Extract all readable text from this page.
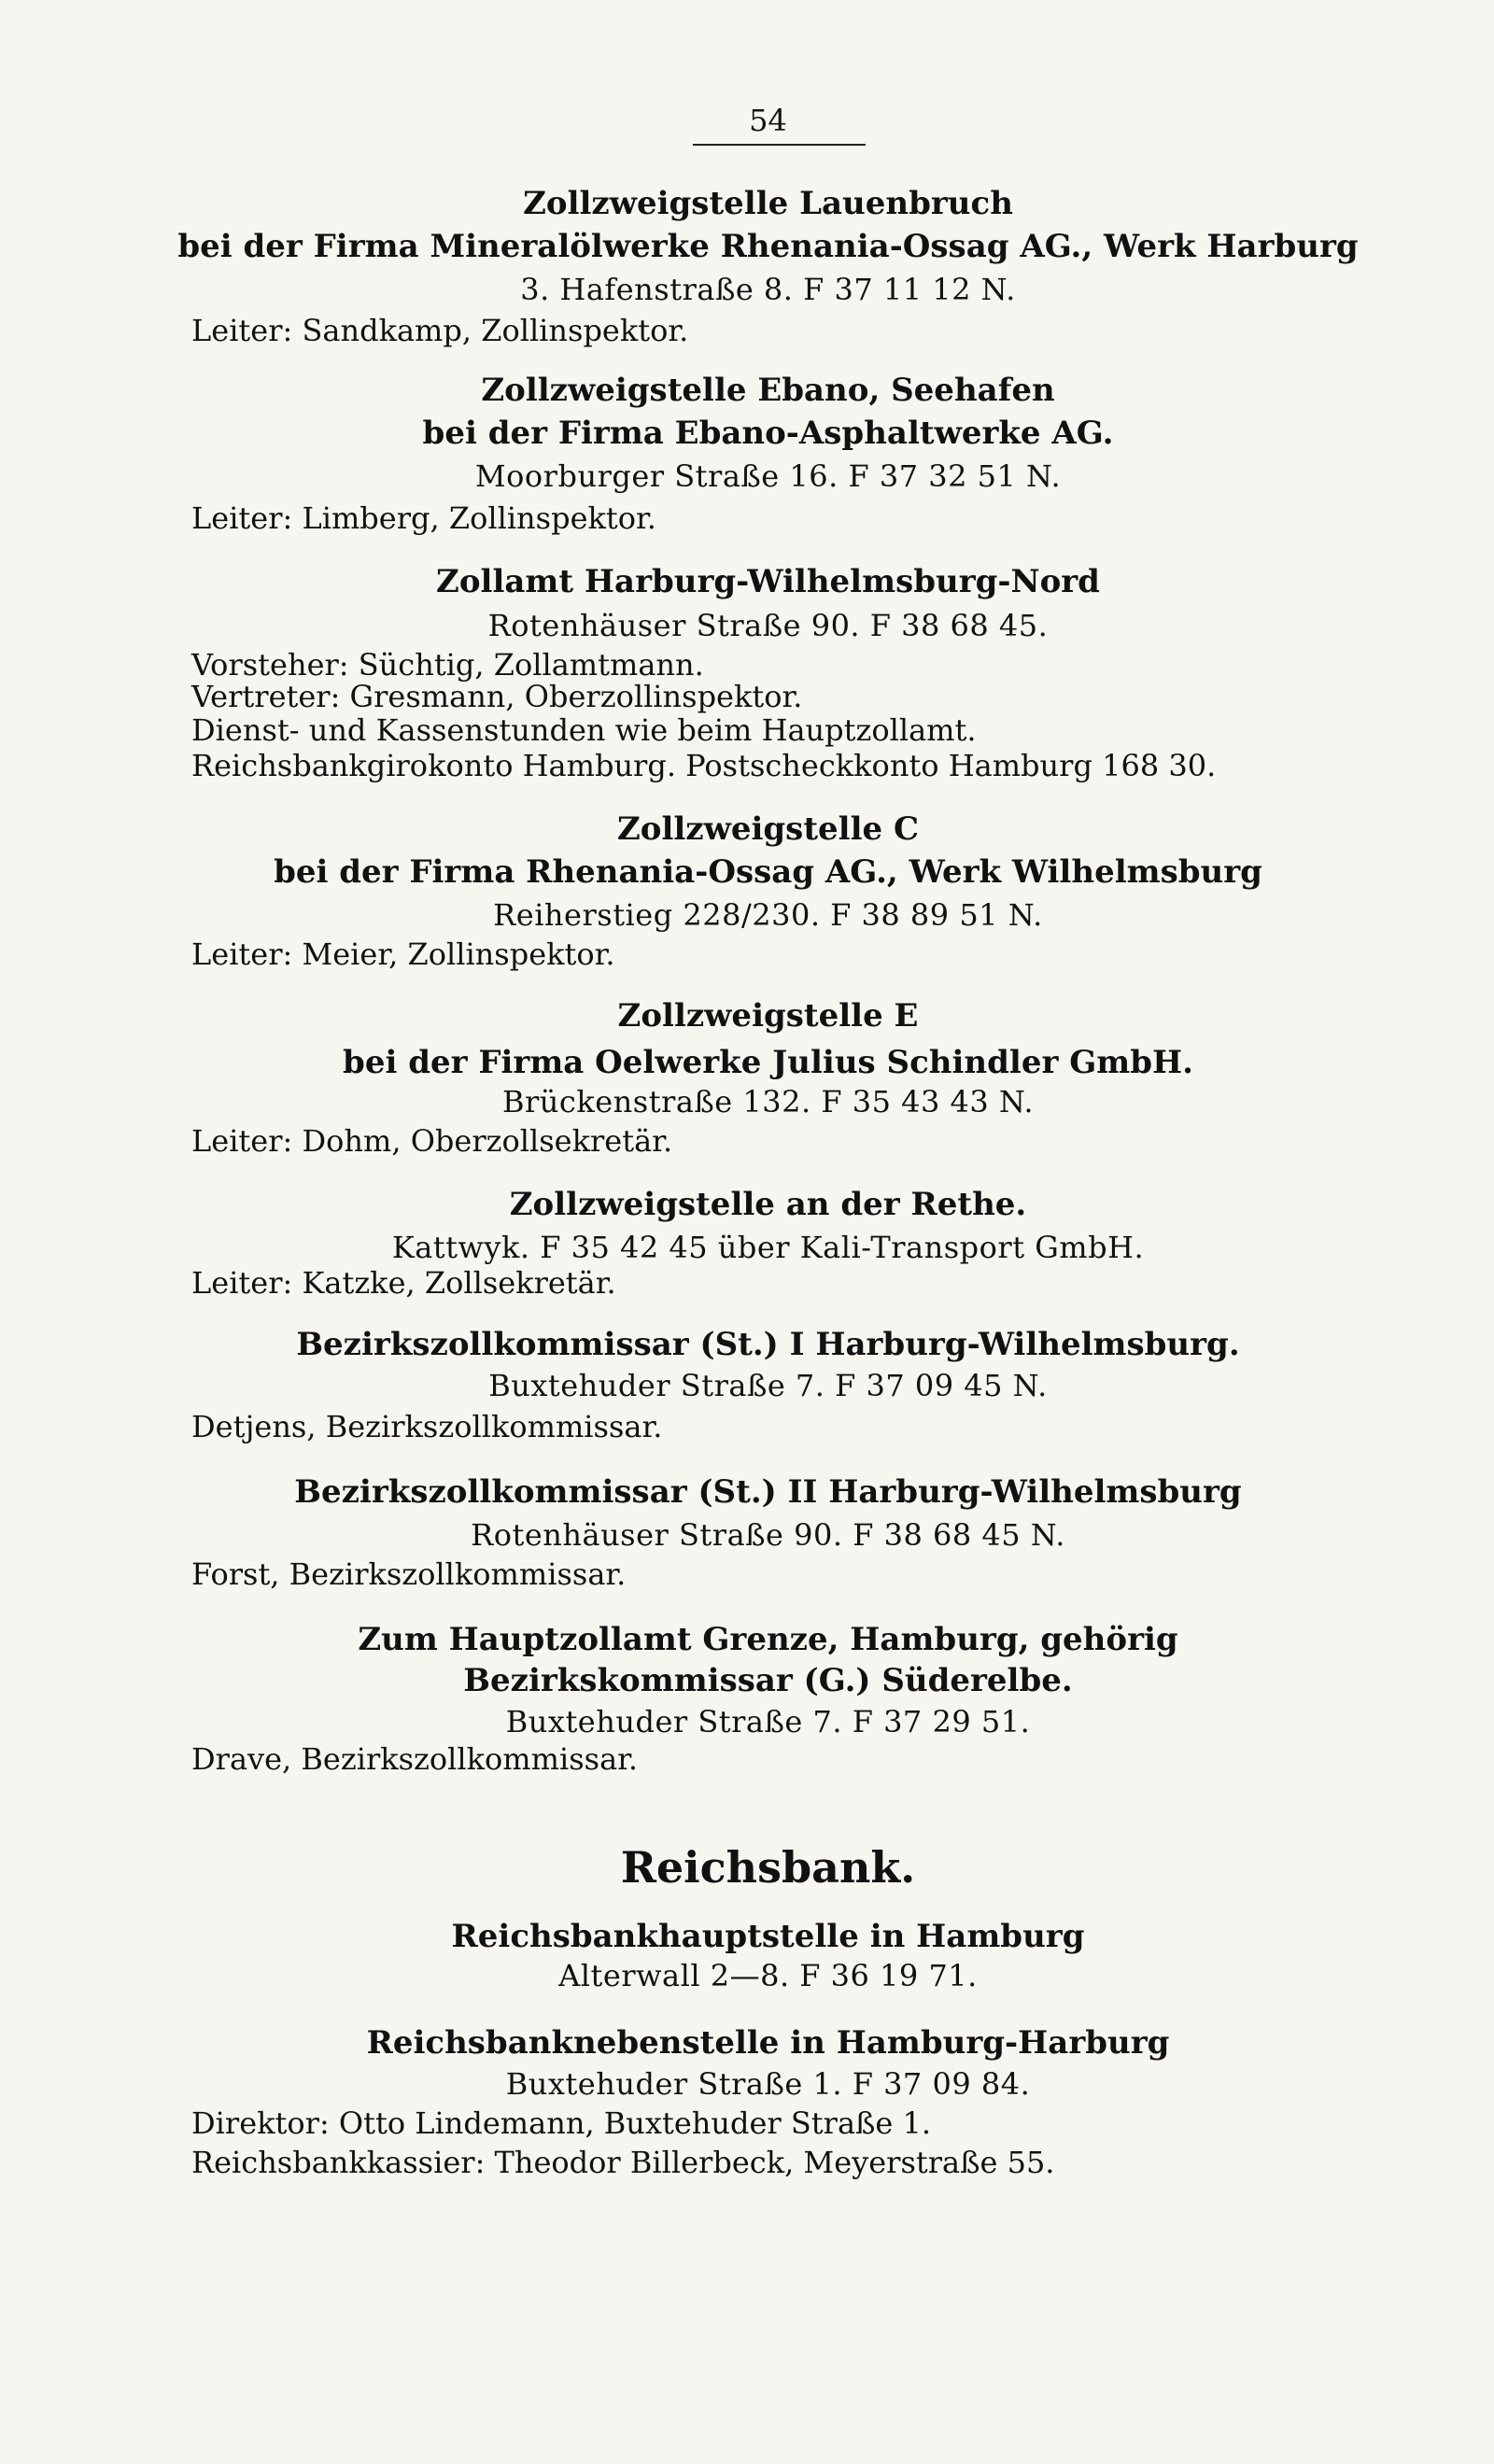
54
Zollzweigstelle Lauenbruch
bei der Firma Mineralölwerke Rhenania-Ossag AG., Werk Harburg
3. Hafenstraße 8. F 37 11 12 N.
Leiter: Sandkamp, Zollinspektor.
Zollzweigstelle Ebano, Seehafen
bei der Firma Ebano-Asphaltwerke AG.
Moorburger Straße 16. F 37 32 51 N.
Leiter: Limberg, Zollinspektor.
Zollamt Harburg-Wilhelmsburg-Nord
Rotenhäuser Straße 90. F 38 68 45.
Vorsteher: Süchtig, Zollamtmann.
Vertreter: Gresmann, Oberzollinspektor.
Dienst- und Kassenstunden wie beim Hauptzollamt.
Reichsbankgirokonto Hamburg. Postscheckkonto Hamburg 168 30.
Zollzweigstelle C
bei der Firma Rhenania-Ossag AG., Werk Wilhelmsburg
Reiherstieg 228/230. F 38 89 51 N.
Leiter: Meier, Zollinspektor.
Zollzweigstelle E
bei der Firma Oelwerke Julius Schindler GmbH.
Brückenstraße 132. F 35 43 43 N.
Leiter: Dohm, Oberzollsekretär.
Zollzweigstelle an der Rethe.
Kattwyk. F 35 42 45 über Kali-Transport GmbH.
Leiter: Katzke, Zollsekretär.
Bezirkszollkommissar (St.) I Harburg-Wilhelmsburg.
Buxtehuder Straße 7. F 37 09 45 N.
Detjens, Bezirkszollkommissar.
Bezirkszollkommissar (St.) II Harburg-Wilhelmsburg
Rotenhäuser Straße 90. F 38 68 45 N.
Forst, Bezirkszollkommissar.
Zum Hauptzollamt Grenze, Hamburg, gehörig
Bezirkskommissar (G.) Süderelbe.
Buxtehuder Straße 7. F 37 29 51.
Drave, Bezirkszollkommissar.
Reichsbank.
Reichsbankhauptstelle in Hamburg
Alterwall 2—8. F 36 19 71.
Reichsbanknebenstelle in Hamburg-Harburg
Buxtehuder Straße 1. F 37 09 84.
Direktor: Otto Lindemann, Buxtehuder Straße 1.
Reichsbankkassier: Theodor Billerbeck, Meyerstraße 55.
